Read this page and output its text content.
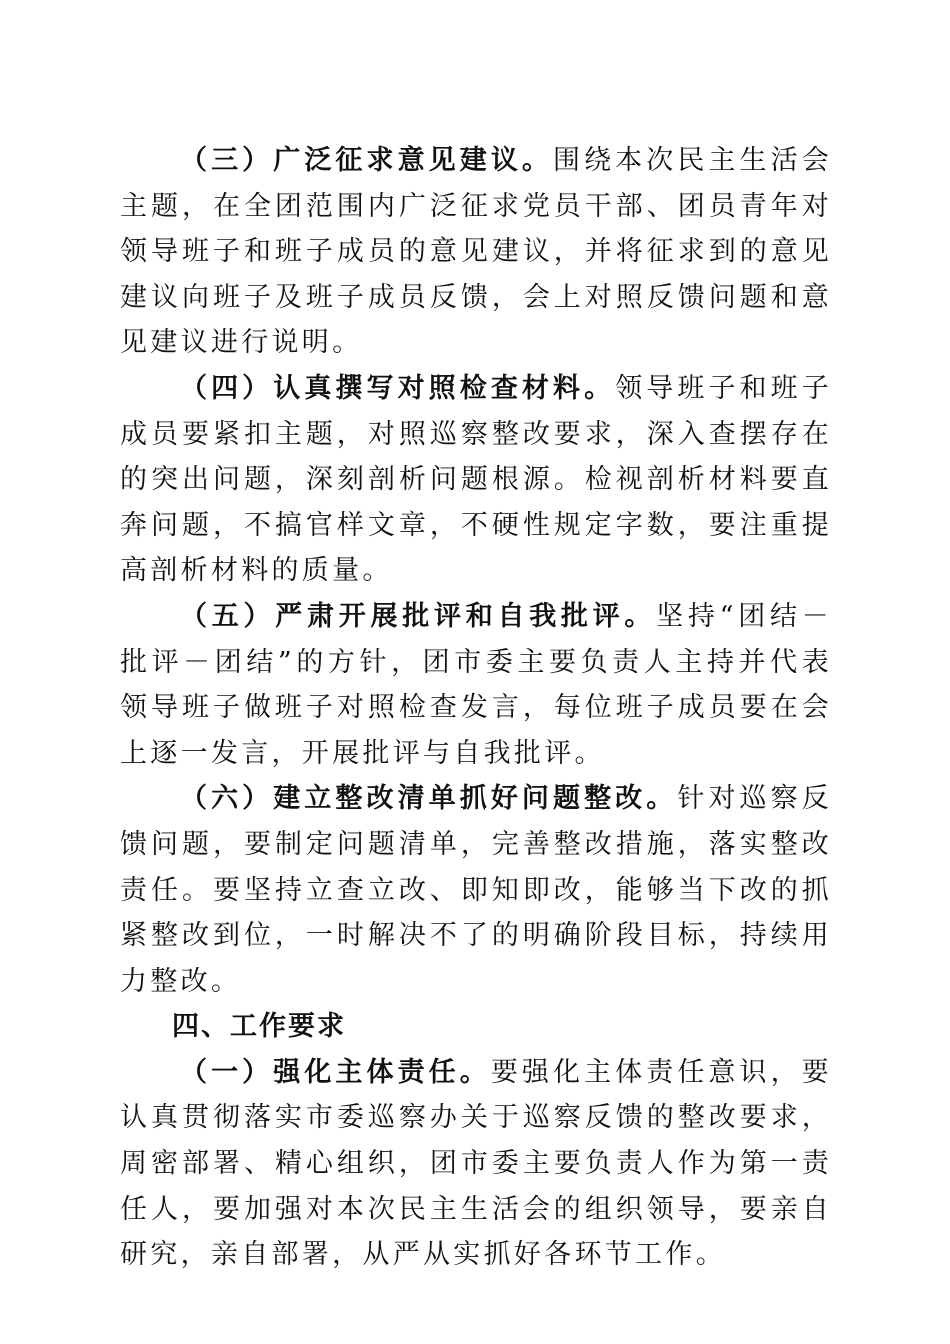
（三）广泛征求意见建议。围绕本次民主生活会主题，在全团范围内广泛征求党员干部、团员青年对领导班子和班子成员的意见建议，并将征求到的意见建议向班子及班子成员反馈，会上对照反馈问题和意见建议进行说明。

（四）认真撰写对照检查材料。领导班子和班子成员要紧扣主题，对照巡察整改要求，深入查摆存在的突出问题，深刻剖析问题根源。检视剖析材料要直奔问题，不搞官样文章，不硬性规定字数，要注重提高剖析材料的质量。

（五）严肃开展批评和自我批评。坚持“团结－批评－团结”的方针，团市委主要负责人主持并代表领导班子做班子对照检查发言，每位班子成员要在会上逐一发言，开展批评与自我批评。

（六）建立整改清单抓好问题整改。针对巡察反馈问题，要制定问题清单，完善整改措施，落实整改责任。要坚持立查立改、即知即改，能够当下改的抓紧整改到位，一时解决不了的明确阶段目标，持续用力整改。

四、工作要求

（一）强化主体责任。要强化主体责任意识，要认真贯彻落实市委巡察办关于巡察反馈的整改要求，周密部署、精心组织，团市委主要负责人作为第一责任人，要加强对本次民主生活会的组织领导，要亲自研究，亲自部署，从严从实抓好各环节工作。
